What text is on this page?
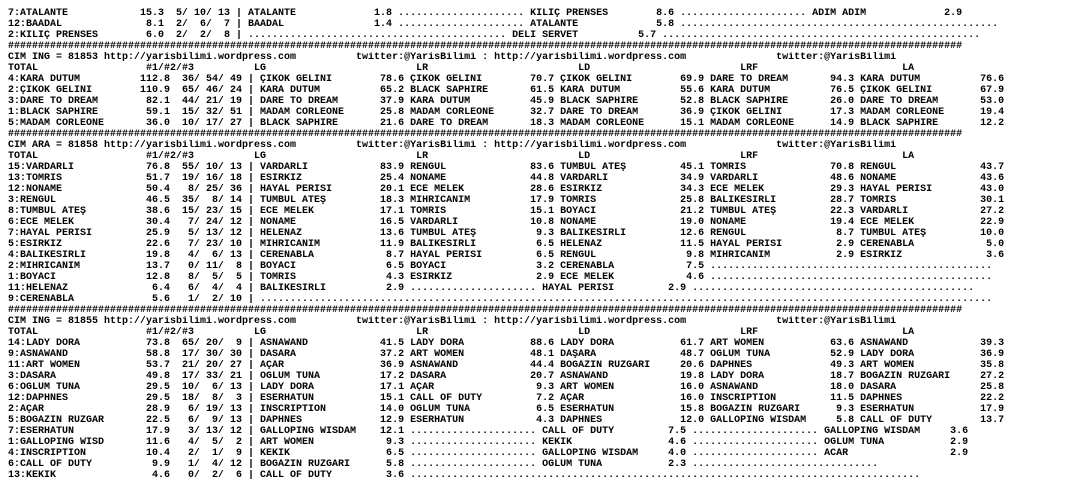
7:ATALANTE            15.3  5/ 10/ 13 | ATALANTE             1.8 ..................... KILIÇ PRENSES        8.6 ..................... ADIM ADIM             2.9
12:BAADAL              8.1  2/  6/  7 | BAADAL               1.4 ..................... ATALANTE             5.8 .....................................................
2:KILIÇ PRENSES        6.0  2/  2/  8 | ........................................... DELİ SERVET          5.7 .....................................................
###############################################################################################################################################################
CIM ING = 81853 http://yarisbilimi.wordpress.com          twitter:@YarisBilimi : http://yarisbilimi.wordpress.com               twitter:@YarisBilimi
TOTAL                  #1/#2/#3          LG                         LR                         LD                         LRF                        LA
4:KARA DUTUM          112.8  36/ 54/ 49 | ÇİKOK GELİNİ        78.6 ÇİKOK GELİNİ        70.7 ÇİKOK GELİNİ        69.9 DARE TO DREAM       94.3 KARA DUTUM          76.6
2:ÇIKOK GELİNİ        110.9  65/ 46/ 24 | KARA DUTUM          65.2 BLACK SAPHIRE       61.5 KARA DUTUM          55.6 KARA DUTUM          76.5 ÇİKOK GELİNİ        67.9
3:DARE TO DREAM        82.1  44/ 21/ 19 | DARE TO DREAM       37.9 KARA DUTUM          45.9 BLACK SAPHIRE       52.8 BLACK SAPHIRE       26.0 DARE TO DREAM       53.0
1:BLACK SAPHIRE        59.1  15/ 32/ 51 | MADAM CORLEONE      25.8 MADAM CORLEONE      32.7 DARE TO DREAM       36.9 ÇİKOK GELİNİ        17.3 MADAM CORLEONE      19.4
5:MADAM CORLEONE       36.0  10/ 17/ 27 | BLACK SAPHIRE       21.6 DARE TO DREAM       18.3 MADAM CORLEONE      15.1 MADAM CORLEONE      14.9 BLACK SAPHIRE       12.2
###############################################################################################################################################################
CIM ARA = 81858 http://yarisbilimi.wordpress.com          twitter:@YarisBilimi : http://yarisbilimi.wordpress.com               twitter:@YarisBilimi
TOTAL                  #1/#2/#3          LG                         LR                         LD                         LRF                        LA
15:VARDARLI            76.8  55/ 10/ 13 | VARDARLI            83.9 RENGÜL              83.6 TUMBUL ATEŞ         45.1 TOMRİS              70.8 RENGÜL              43.7
13:TOMRİS              51.7  19/ 16/ 18 | ESİRKIZ             25.4 NONAME              44.8 VARDARLI            34.9 VARDARLI            48.6 NONAME              43.6
12:NONAME              50.4   8/ 25/ 36 | HAYAL PERİSİ        20.1 ECE MELEK           28.6 ESİRKIZ             34.3 ECE MELEK           29.3 HAYAL PERİSİ        43.0
3:RENGÜL               46.5  35/  8/ 14 | TUMBUL ATEŞ         18.3 MİHRİCANIM          17.9 TOMRİS              25.8 BALIKESİRLİ         28.7 TOMRİS              30.1
8:TUMBUL ATEŞ          38.6  15/ 23/ 15 | ECE MELEK           17.1 TOMRİS              15.1 BOYACI              21.2 TUMBUL ATEŞ         22.3 VARDARLI            27.2
6:ECE MELEK            30.4   7/ 24/ 12 | NONAME              16.5 VARDARLI            10.8 NONAME              19.0 NONAME              19.4 ECE MELEK           22.9
7:HAYAL PERİSİ         25.9   5/ 13/ 12 | HELENAZ             13.6 TUMBUL ATEŞ          9.3 BALIKESİRLİ         12.6 RENGÜL               8.7 TUMBUL ATEŞ         10.0
5:ESİRKIZ              22.6   7/ 23/ 10 | MİHRİCANIM          11.9 BALIKESİRLİ          6.5 HELENAZ             11.5 HAYAL PERİSİ         2.9 CERENABLA            5.0
4:BALIKESİRLİ          19.8   4/  6/ 13 | CERENABLA            8.7 HAYAL PERİSİ         6.5 RENGÜL               9.8 MİHRİCANIM           2.9 ESİRKIZ              3.6
2:MİHRİCANIM           13.7   0/ 11/  8 | BOYACI               6.5 BOYACI               3.2 CERENABLA            7.5 ...............................................
1:BOYACI               12.8   8/  5/  5 | TOMRİS               4.3 ESİRKIZ              2.9 ECE MELEK            4.6 ...............................................
11:HELENAZ              6.4   6/  4/  4 | BALIKESİRLİ          2.9 ..................... HAYAL PERİSİ         2.9 ...............................................
9:CERENABLA             5.6   1/  2/ 10 | ..........................................................................................................................
###############################################################################################################################################################
CIM ING = 81855 http://yarisbilimi.wordpress.com          twitter:@YarisBilimi : http://yarisbilimi.wordpress.com               twitter:@YarisBilimi
TOTAL                  #1/#2/#3          LG                         LR                         LD                         LRF                        LA
14:LADY DORA           73.8  65/ 20/  9 | ASNAWAND            41.5 LADY DORA           88.6 LADY DORA           61.7 ART WOMEN           63.6 ASNAWAND            39.3
9:ASNAWAND             58.8  17/ 30/ 30 | DASARA              37.2 ART WOMEN           48.1 DAŞARA              48.7 OĞLUM TUNA          52.9 LADY DORA           36.9
11:ART WOMEN           53.7  21/ 20/ 27 | AÇAR                36.9 ASNAWAND            44.4 BOĞAZIN RÜZGARI     20.6 DAPHNES             49.3 ART WOMEN           35.8
3:DASARA               49.8  17/ 33/ 21 | OĞLUM TUNA          17.2 DASARA              20.7 ASNAWAND            19.8 LADY DORA           18.7 BOĞAZIN RÜZGARI     27.2
6:OĞLUM TUNA           29.5  10/  6/ 13 | LADY DORA           17.1 AÇAR                 9.3 ART WOMEN           16.0 ASNAWAND            18.0 DASARA              25.8
12:DAPHNES             29.5  18/  8/  3 | ESERHATUN           15.1 CALL OF DUTY         7.2 AÇAR                16.0 INSCRIPTION         11.5 DAPHNES             22.2
2:AÇAR                 28.9   6/ 19/ 13 | INSCRIPTION         14.0 OĞLUM TUNA           6.5 ESERHATUN           15.8 BOĞAZIN RÜZGARI      9.3 ESERHATUN           17.9
5:BOĞAZIN RÜZGAR       22.5   6/  9/ 13 | DAPHNES             12.9 ESERHATUN            4.3 DAPHNES             12.0 GALLOPING WISDAM     5.8 CALL OF DUTY        13.7
7:ESERHATUN            17.9   3/ 13/ 12 | GALLOPING WISDAM    12.1 ..................... CALL OF DUTY         7.5 ..................... GALLOPING WISDAM     3.6
1:GALLOPING WISD       11.6   4/  5/  2 | ART WOMEN            9.3 ..................... KEKİK                4.6 ..................... OĞLUM TUNA           2.9
4:INSCRIPTION          10.4   2/  1/  9 | KEKİK                6.5 ..................... GALLOPING WISDAM     4.0 ..................... ACAR                 2.9
6:CALL OF DUTY          9.9   1/  4/ 12 | BOĞAZIN RÜZGARI      5.8 ..................... OĞLUM TUNA           2.3 ...............................
13:KEKİK                4.6   0/  2/  6 | CALL OF DUTY         3.6 .....................................................................................
